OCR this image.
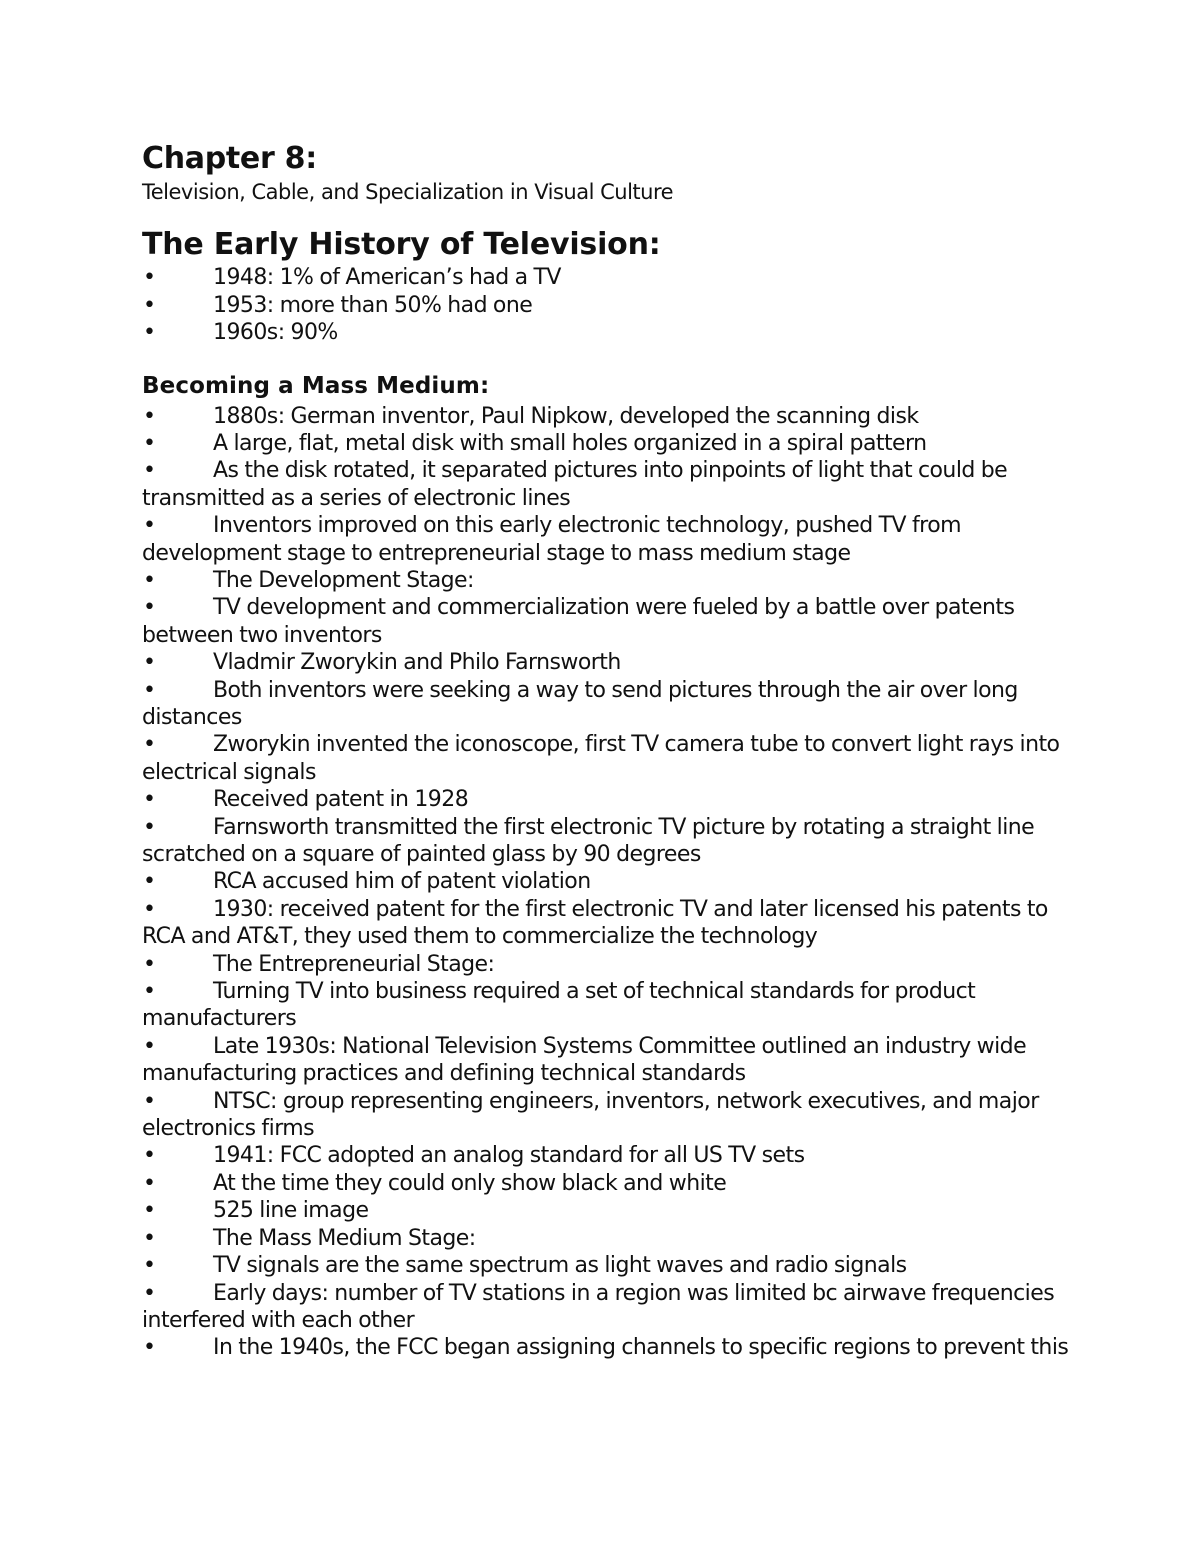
Chapter 8:

Television, Cable, and Specialization in Visual Culture

The Early History of Television:
•	1948: 1% of American’s had a TV
•	1953: more than 50% had one
•	1960s: 90%
Becoming a Mass Medium:
•	1880s: German inventor, Paul Nipkow, developed the scanning disk
•	A large, flat, metal disk with small holes organized in a spiral pattern
•	As the disk rotated, it separated pictures into pinpoints of light that could be transmitted as a series of electronic lines
•	Inventors improved on this early electronic technology, pushed TV from development stage to entrepreneurial stage to mass medium stage
•	The Development Stage:
•	TV development and commercialization were fueled by a battle over patents between two inventors
•	Vladmir Zworykin and Philo Farnsworth
•	Both inventors were seeking a way to send pictures through the air over long distances
•	Zworykin invented the iconoscope, first TV camera tube to convert light rays into electrical signals
•	Received patent in 1928
•	Farnsworth transmitted the first electronic TV picture by rotating a straight line scratched on a square of painted glass by 90 degrees
•	RCA accused him of patent violation
•	1930: received patent for the first electronic TV and later licensed his patents to RCA and AT&T, they used them to commercialize the technology
•	The Entrepreneurial Stage:
•	Turning TV into business required a set of technical standards for product manufacturers
•	Late 1930s: National Television Systems Committee outlined an industry wide manufacturing practices and defining technical standards
•	NTSC: group representing engineers, inventors, network executives, and major electronics firms
•	1941: FCC adopted an analog standard for all US TV sets
•	At the time they could only show black and white
•	525 line image
•	The Mass Medium Stage:
•	TV signals are the same spectrum as light waves and radio signals
•	Early days: number of TV stations in a region was limited bc airwave frequencies interfered with each other
•	In the 1940s, the FCC began assigning channels to specific regions to prevent this
